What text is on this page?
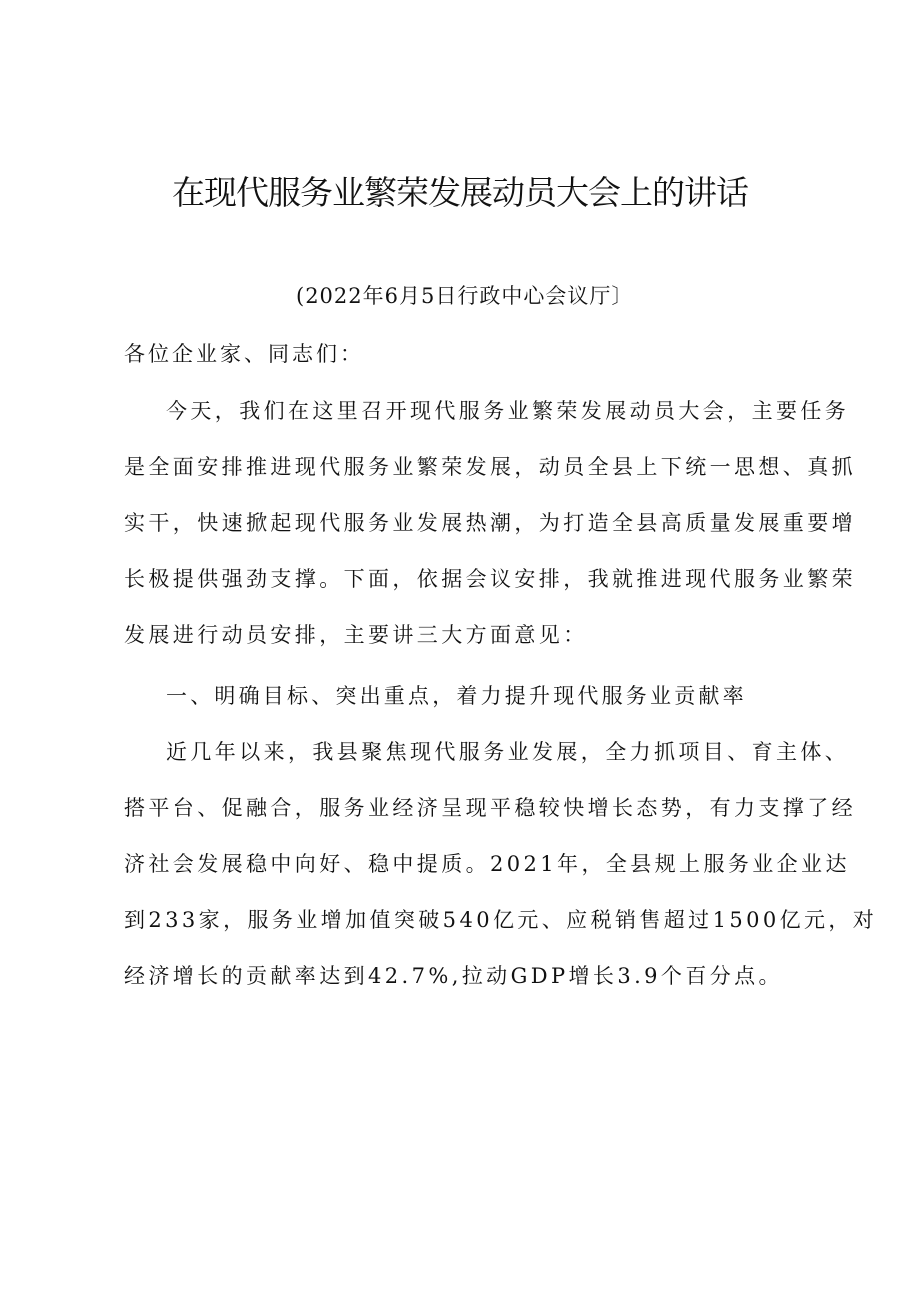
在现代服务业繁荣发展动员大会上的讲话
(2022年6月5日行政中心会议厅〕
各位企业家、同志们：
今天，我们在这里召开现代服务业繁荣发展动员大会，主要任务
是全面安排推进现代服务业繁荣发展，动员全县上下统一思想、真抓
实干，快速掀起现代服务业发展热潮，为打造全县高质量发展重要增
长极提供强劲支撑。下面，依据会议安排，我就推进现代服务业繁荣
发展进行动员安排，主要讲三大方面意见：
一、明确目标、突出重点，着力提升现代服务业贡献率
近几年以来，我县聚焦现代服务业发展，全力抓项目、育主体、
搭平台、促融合，服务业经济呈现平稳较快增长态势，有力支撑了经
济社会发展稳中向好、稳中提质。2021年，全县规上服务业企业达
到233家，服务业增加值突破540亿元、应税销售超过1500亿元，对
经济增长的贡献率达到42.7%,拉动GDP增长3.9个百分点。
